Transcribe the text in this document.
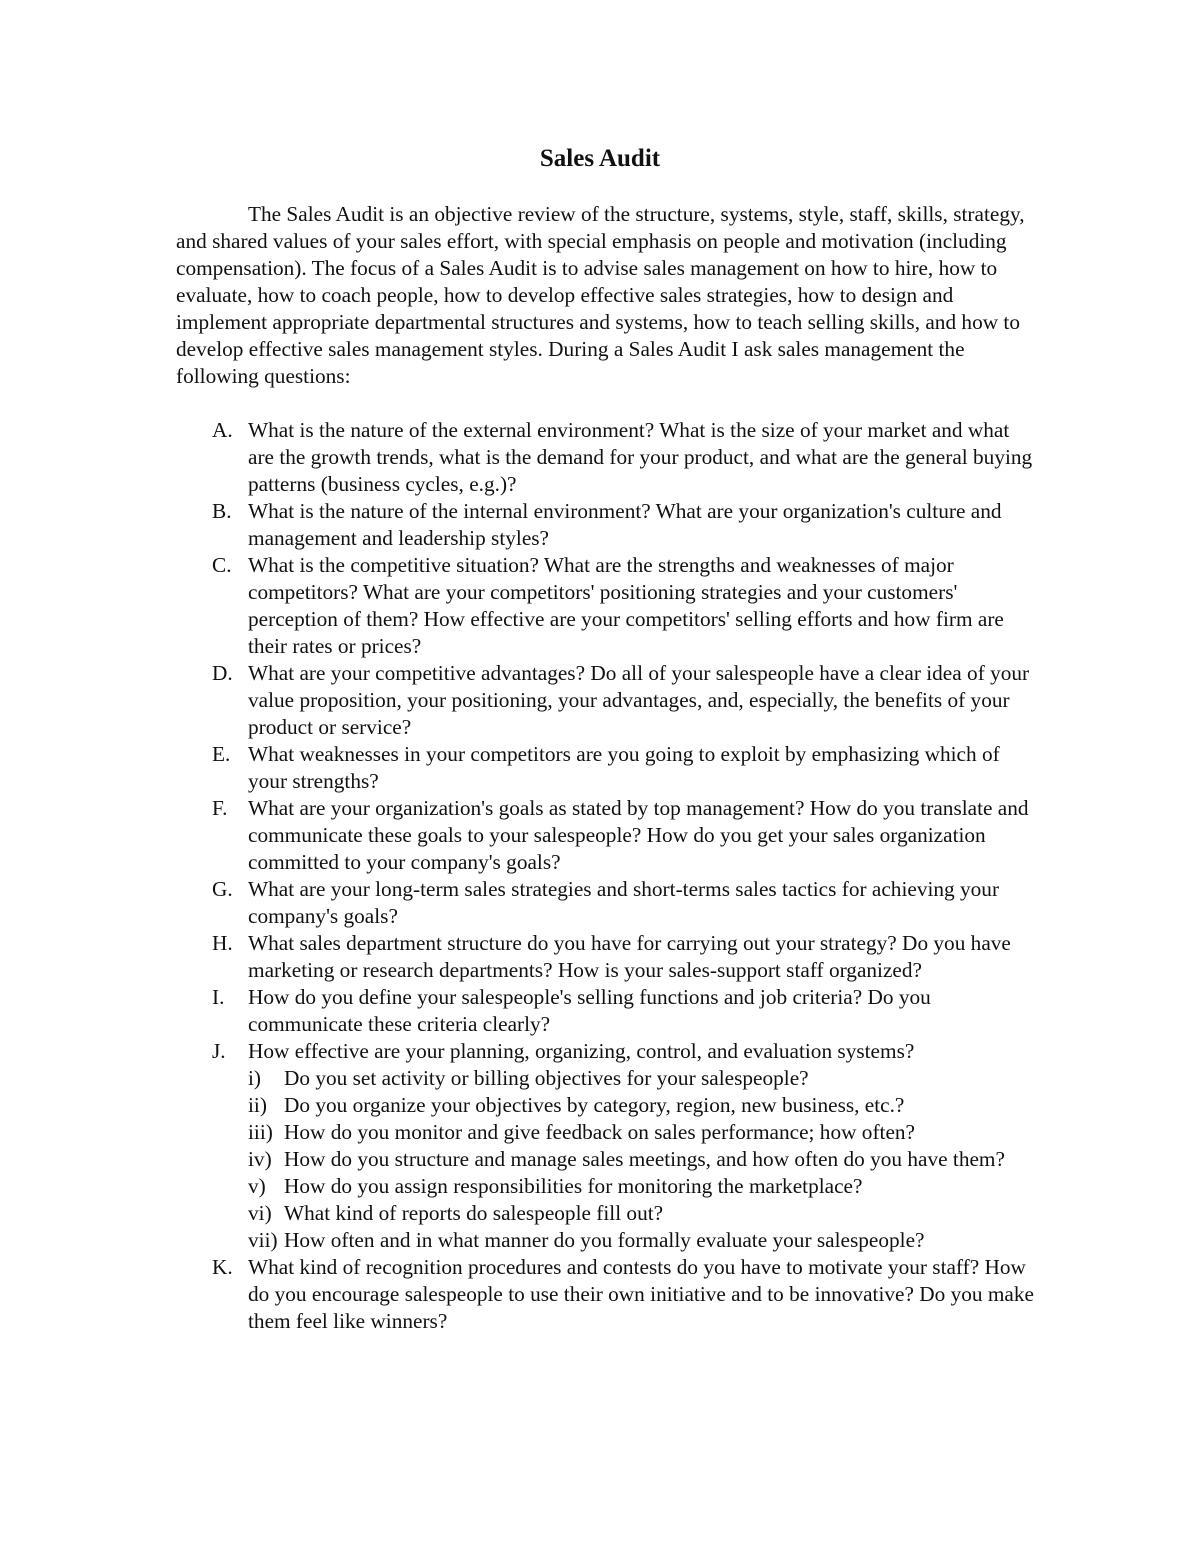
Sales Audit
The Sales Audit is an objective review of the structure, systems, style, staff, skills, strategy, and shared values of your sales effort, with special emphasis on people and motivation (including compensation). The focus of a Sales Audit is to advise sales management on how to hire, how to evaluate, how to coach people, how to develop effective sales strategies, how to design and implement appropriate departmental structures and systems, how to teach selling skills, and how to develop effective sales management styles. During a Sales Audit I ask sales management the following questions:
A. What is the nature of the external environment? What is the size of your market and what are the growth trends, what is the demand for your product, and what are the general buying patterns (business cycles, e.g.)?
B. What is the nature of the internal environment? What are your organization's culture and management and leadership styles?
C. What is the competitive situation? What are the strengths and weaknesses of major competitors? What are your competitors' positioning strategies and your customers' perception of them? How effective are your competitors' selling efforts and how firm are their rates or prices?
D. What are your competitive advantages? Do all of your salespeople have a clear idea of your value proposition, your positioning, your advantages, and, especially, the benefits of your product or service?
E. What weaknesses in your competitors are you going to exploit by emphasizing which of your strengths?
F. What are your organization's goals as stated by top management? How do you translate and communicate these goals to your salespeople? How do you get your sales organization committed to your company's goals?
G. What are your long-term sales strategies and short-terms sales tactics for achieving your company's goals?
H. What sales department structure do you have for carrying out your strategy? Do you have marketing or research departments? How is your sales-support staff organized?
I. How do you define your salespeople's selling functions and job criteria? Do you communicate these criteria clearly?
J. How effective are your planning, organizing, control, and evaluation systems?
i) Do you set activity or billing objectives for your salespeople?
ii) Do you organize your objectives by category, region, new business, etc.?
iii) How do you monitor and give feedback on sales performance; how often?
iv) How do you structure and manage sales meetings, and how often do you have them?
v) How do you assign responsibilities for monitoring the marketplace?
vi) What kind of reports do salespeople fill out?
vii) How often and in what manner do you formally evaluate your salespeople?
K. What kind of recognition procedures and contests do you have to motivate your staff? How do you encourage salespeople to use their own initiative and to be innovative? Do you make them feel like winners?
